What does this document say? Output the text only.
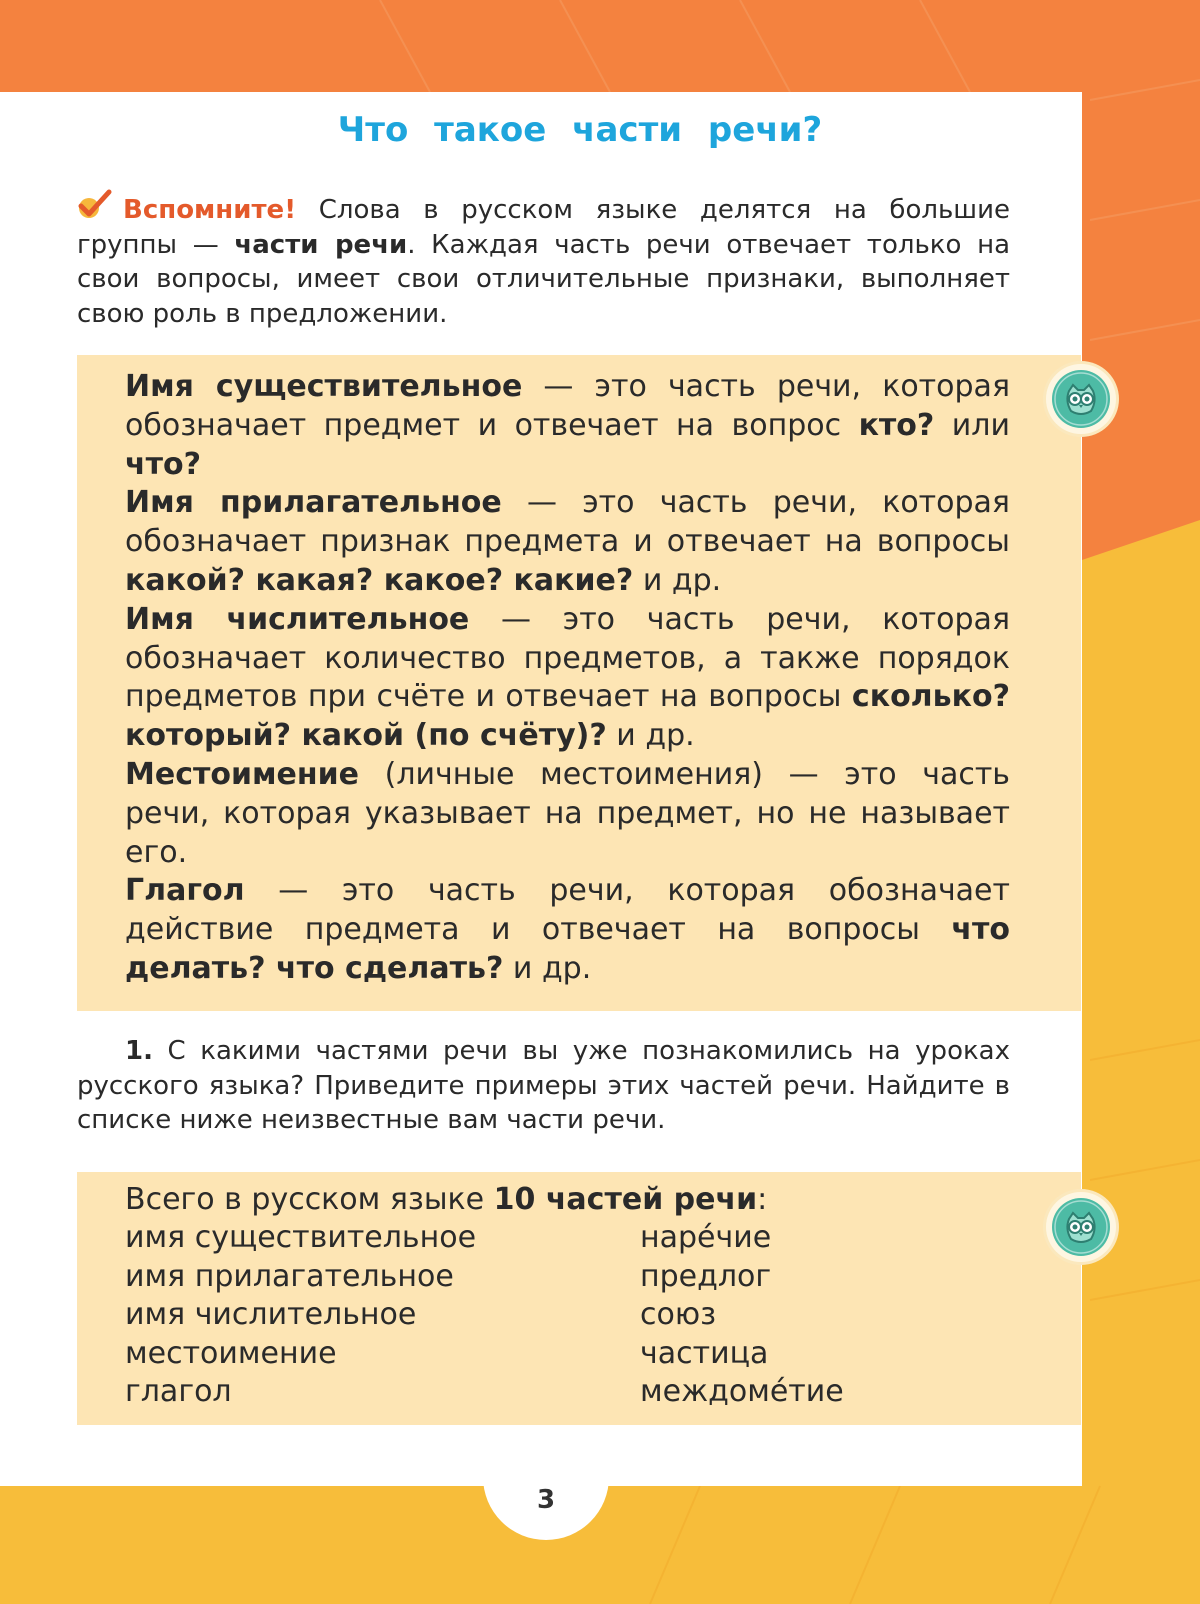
Что такое части речи?
Вспомните! Слова в русском языке делятся на большие группы — части речи. Каждая часть речи отвечает только на свои вопросы, имеет свои отличительные признаки, выполняет свою роль в предложении.

Имя существительное — это часть речи, которая обозначает предмет и отвечает на вопрос кто? или что?

Имя прилагательное — это часть речи, которая обозначает признак предмета и отвечает на вопросы какой? какая? какое? какие? и др.

Имя числительное — это часть речи, которая обозначает количество предметов, а также порядок предметов при счёте и отвечает на вопросы сколько? который? какой (по счёту)? и др.

Местоимение (личные местоимения) — это часть речи, которая указывает на предмет, но не называет его.

Глагол — это часть речи, которая обозначает действие предмета и отвечает на вопросы что делать? что сделать? и др.

1. С какими частями речи вы уже познакомились на уроках русского языка? Приведите примеры этих частей речи. Найдите в списке ниже неизвестные вам части речи.
Всего в русском языке 10 частей речи:
имя существительное
имя прилагательное
имя числительное
местоимение
глагол
нарéчие
предлог
союз
частица
междомéтие
3
